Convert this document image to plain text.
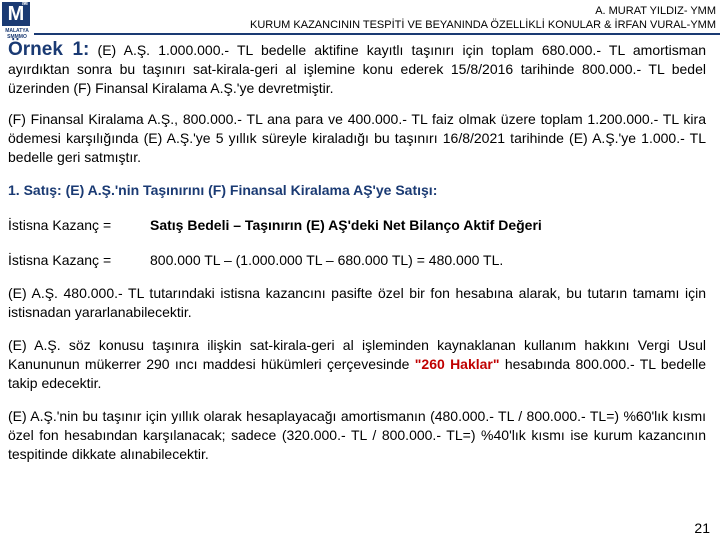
M
M
MALATYA
SMMMO
A. MURAT YILDIZ- YMM
KURUM KAZANCININ TESPİTİ VE BEYANINDA ÖZELLİKLİ KONULAR & İRFAN VURAL-YMM

Örnek 1: (E) A.Ş. 1.000.000.- TL bedelle aktifine kayıtlı taşınırı için toplam 680.000.- TL amortisman ayırdıktan sonra bu taşınırı sat-kirala-geri al işlemine konu ederek 15/8/2016 tarihinde 800.000.- TL bedel üzerinden (F) Finansal Kiralama A.Ş.'ye devretmiştir.

(F) Finansal Kiralama A.Ş., 800.000.- TL ana para ve 400.000.- TL faiz olmak üzere toplam 1.200.000.- TL kira ödemesi karşılığında (E) A.Ş.'ye 5 yıllık süreyle kiraladığı bu taşınırı 16/8/2021 tarihinde (E) A.Ş.'ye 1.000.- TL bedelle geri satmıştır.

1. Satış: (E) A.Ş.'nin Taşınırını (F) Finansal Kiralama AŞ'ye Satışı:

İstisna Kazanç =	Satış Bedeli – Taşınırın (E) AŞ'deki Net Bilanço Aktif Değeri
İstisna Kazanç =	800.000 TL – (1.000.000 TL – 680.000 TL) = 480.000 TL.

(E) A.Ş. 480.000.- TL tutarındaki istisna kazancını pasifte özel bir fon hesabına alarak, bu tutarın tamamı için istisnadan yararlanabilecektir.

(E) A.Ş. söz konusu taşınıra ilişkin sat-kirala-geri al işleminden kaynaklanan kullanım hakkını Vergi Usul Kanununun mükerrer 290 ıncı maddesi hükümleri çerçevesinde "260 Haklar" hesabında 800.000.- TL bedelle takip edecektir.

(E) A.Ş.'nin bu taşınır için yıllık olarak hesaplayacağı amortismanın (480.000.- TL / 800.000.- TL=) %60'lık kısmı özel fon hesabından karşılanacak; sadece (320.000.- TL / 800.000.- TL=) %40'lık kısmı ise kurum kazancının tespitinde dikkate alınabilecektir.

21
